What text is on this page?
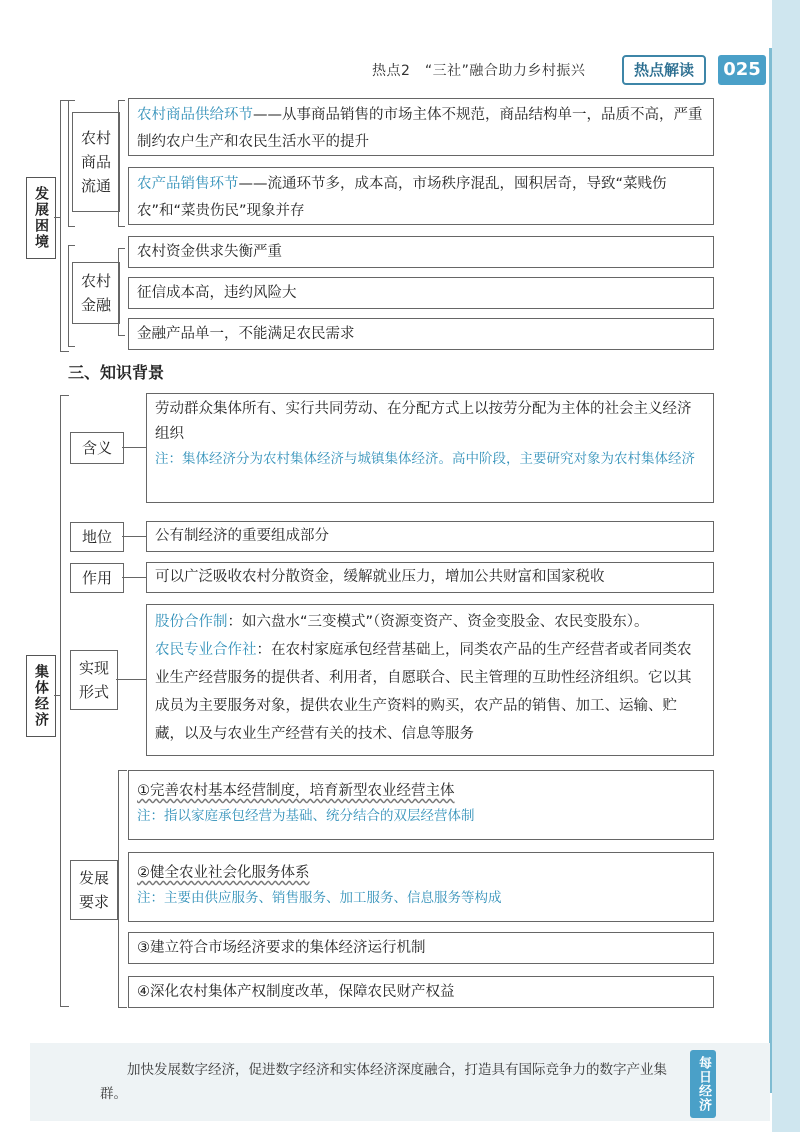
热点2　“三社”融合助力乡村振兴	热点解读	025
发展困境
农村商品流通
农村商品供给环节——从事商品销售的市场主体不规范，商品结构单一，品质不高，严重制约农户生产和农民生活水平的提升
农产品销售环节——流通环节多，成本高，市场秩序混乱，囤积居奇，导致“菜贱伤农”和“菜贵伤民”现象并存
农村金融
农村资金供求失衡严重
征信成本高，违约风险大
金融产品单一，不能满足农民需求
三、知识背景
集体经济
含义
劳动群众集体所有、实行共同劳动、在分配方式上以按劳分配为主体的社会主义经济组织
注：集体经济分为农村集体经济与城镇集体经济。高中阶段，主要研究对象为农村集体经济
地位	公有制经济的重要组成部分
作用	可以广泛吸收农村分散资金，缓解就业压力，增加公共财富和国家税收
实现形式
股份合作制：如六盘水“三变模式”（资源变资产、资金变股金、农民变股东）。
农民专业合作社：在农村家庭承包经营基础上，同类农产品的生产经营者或者同类农业生产经营服务的提供者、利用者，自愿联合、民主管理的互助性经济组织。它以其成员为主要服务对象，提供农业生产资料的购买，农产品的销售、加工、运输、贮藏，以及与农业生产经营有关的技术、信息等服务
发展要求
①完善农村基本经营制度，培育新型农业经营主体
注：指以家庭承包经营为基础、统分结合的双层经营体制
②健全农业社会化服务体系
注：主要由供应服务、销售服务、加工服务、信息服务等构成
③建立符合市场经济要求的集体经济运行机制
④深化农村集体产权制度改革，保障农民财产权益
加快发展数字经济，促进数字经济和实体经济深度融合，打造具有国际竞争力的数字产业集群。	每日经济
